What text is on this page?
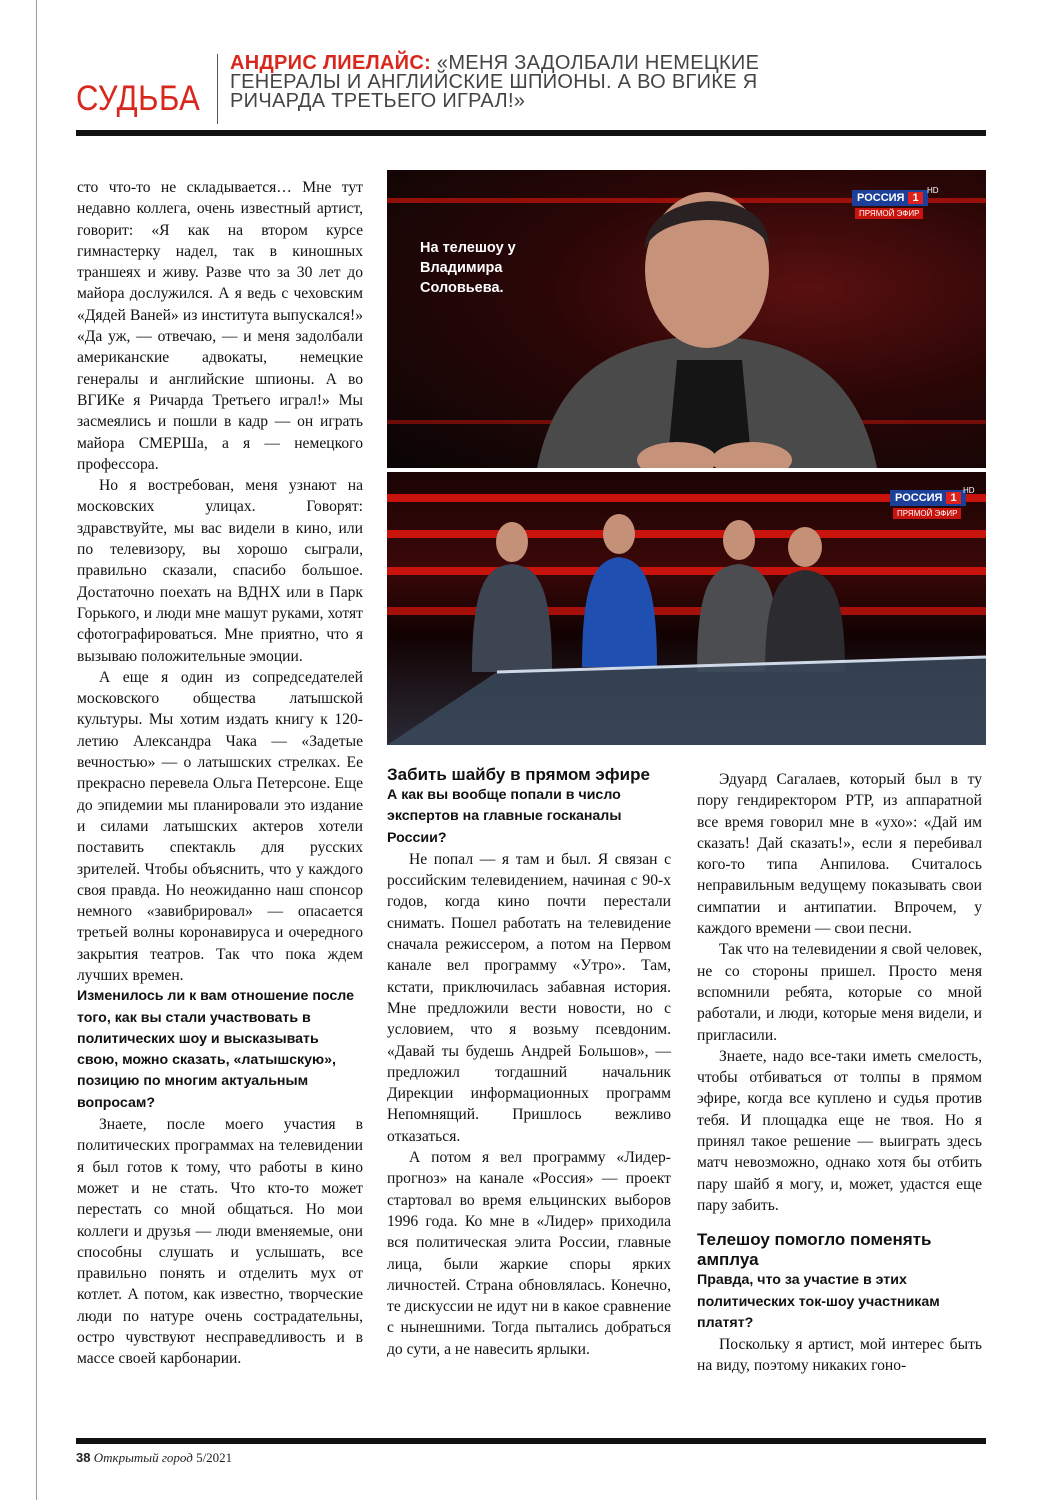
СУДЬБА
АНДРИС ЛИЕЛАЙС: «МЕНЯ ЗАДОЛБАЛИ НЕМЕЦКИЕ ГЕНЕРАЛЫ И АНГЛИЙСКИЕ ШПИОНЫ. А ВО ВГИКЕ Я РИЧАРДА ТРЕТЬЕГО ИГРАЛ!»

сто что-то не складывается… Мне тут недавно коллега, очень известный артист, говорит: «Я как на втором курсе гимнастерку надел, так в киношных траншеях и живу. Разве что за 30 лет до майора дослужился. А я ведь с чеховским «Дядей Ваней» из института выпускался!» «Да уж, — отвечаю, — и меня задолбали американские адвокаты, немецкие генералы и английские шпионы. А во ВГИКе я Ричарда Третьего играл!» Мы засмеялись и пошли в кадр — он играть майора СМЕРШа, а я — немецкого профессора.

Но я востребован, меня узнают на московских улицах. Говорят: здравствуйте, мы вас видели в кино, или по телевизору, вы хорошо сыграли, правильно сказали, спасибо большое. Достаточно поехать на ВДНХ или в Парк Горького, и люди мне машут руками, хотят сфотографироваться. Мне приятно, что я вызываю положительные эмоции.

А еще я один из сопредседателей московского общества латышской культуры. Мы хотим издать книгу к 120-летию Александра Чака — «Задетые вечностью» — о латышских стрелках. Ее прекрасно перевела Ольга Петерсоне. Еще до эпидемии мы планировали это издание и силами латышских актеров хотели поставить спектакль для русских зрителей. Чтобы объяснить, что у каждого своя правда. Но неожиданно наш спонсор немного «завибрировал» — опасается третьей волны коронавируса и очередного закрытия театров. Так что пока ждем лучших времен.

Изменилось ли к вам отношение после того, как вы стали участвовать в политических шоу и высказывать свою, можно сказать, «латышскую», позицию по многим актуальным вопросам?

Знаете, после моего участия в политических программах на телевидении я был готов к тому, что работы в кино может и не стать. Что кто-то может перестать со мной общаться. Но мои коллеги и друзья — люди вменяемые, они способны слушать и услышать, все правильно понять и отделить мух от котлет. А потом, как известно, творческие люди по натуре очень сострадательны, остро чувствуют несправедливость и в массе своей карбонарии.

РОССИЯ 1
HD
ПРЯМОЙ ЭФИР
На телешоу у
Владимира
Соловьева.
РОССИЯ 1
HD
ПРЯМОЙ ЭФИР

Забить шайбу в прямом эфире

А как вы вообще попали в число экспертов на главные госканалы России?

Не попал — я там и был. Я связан с российским телевидением, начиная с 90-х годов, когда кино почти перестали снимать. Пошел работать на телевидение сначала режиссером, а потом на Первом канале вел программу «Утро». Там, кстати, приключилась забавная история. Мне предложили вести новости, но с условием, что я возьму псевдоним. «Давай ты будешь Андрей Большов», — предложил тогдашний начальник Дирекции информационных программ Непомнящий. Пришлось вежливо отказаться.

А потом я вел программу «Лидер-прогноз» на канале «Россия» — проект стартовал во время ельцинских выборов 1996 года. Ко мне в «Лидер» приходила вся политическая элита России, главные лица, были жаркие споры ярких личностей. Страна обновлялась. Конечно, те дискуссии не идут ни в какое сравнение с нынешними. Тогда пытались добраться до сути, а не навесить ярлыки.

Эдуард Сагалаев, который был в ту пору гендиректором РТР, из аппаратной все время говорил мне в «ухо»: «Дай им сказать! Дай сказать!», если я перебивал кого-то типа Анпилова. Считалось неправильным ведущему показывать свои симпатии и антипатии. Впрочем, у каждого времени — свои песни.

Так что на телевидении я свой человек, не со стороны пришел. Просто меня вспомнили ребята, которые со мной работали, и люди, которые меня видели, и пригласили.

Знаете, надо все-таки иметь смелость, чтобы отбиваться от толпы в прямом эфире, когда все куплено и судья против тебя. И площадка еще не твоя. Но я принял такое решение — выиграть здесь матч невозможно, однако хотя бы отбить пару шайб я могу, и, может, удастся еще пару забить.

Телешоу помогло поменять амплуа

Правда, что за участие в этих политических ток-шоу участникам платят?

Поскольку я артист, мой интерес быть на виду, поэтому никаких гоно-

38 Открытый город 5/2021
